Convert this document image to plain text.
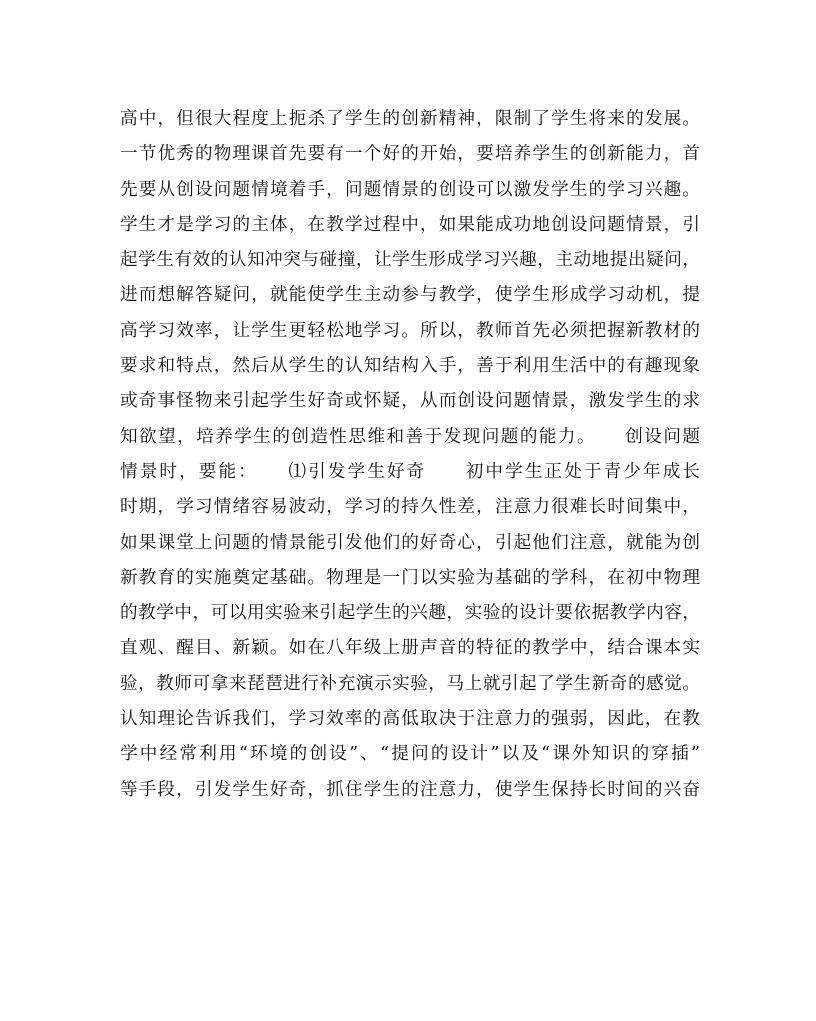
高中，但很大程度上扼杀了学生的创新精神，限制了学生将来的发展。
一节优秀的物理课首先要有一个好的开始，要培养学生的创新能力，首
先要从创设问题情境着手，问题情景的创设可以激发学生的学习兴趣。
学生才是学习的主体，在教学过程中，如果能成功地创设问题情景，引
起学生有效的认知冲突与碰撞，让学生形成学习兴趣，主动地提出疑问，
进而想解答疑问，就能使学生主动参与教学，使学生形成学习动机，提
高学习效率，让学生更轻松地学习。所以，教师首先必须把握新教材的
要求和特点，然后从学生的认知结构入手，善于利用生活中的有趣现象
或奇事怪物来引起学生好奇或怀疑，从而创设问题情景，激发学生的求
知欲望，培养学生的创造性思维和善于发现问题的能力。　　创设问题
情景时，要能：　　⑴引发学生好奇　　初中学生正处于青少年成长
时期，学习情绪容易波动，学习的持久性差，注意力很难长时间集中，
如果课堂上问题的情景能引发他们的好奇心，引起他们注意，就能为创
新教育的实施奠定基础。物理是一门以实验为基础的学科，在初中物理
的教学中，可以用实验来引起学生的兴趣，实验的设计要依据教学内容，
直观、醒目、新颖。如在八年级上册声音的特征的教学中，结合课本实
验，教师可拿来琵琶进行补充演示实验，马上就引起了学生新奇的感觉。
认知理论告诉我们，学习效率的高低取决于注意力的强弱，因此，在教
学中经常利用“环境的创设”、“提问的设计”以及“课外知识的穿插”
等手段，引发学生好奇，抓住学生的注意力，使学生保持长时间的兴奋
